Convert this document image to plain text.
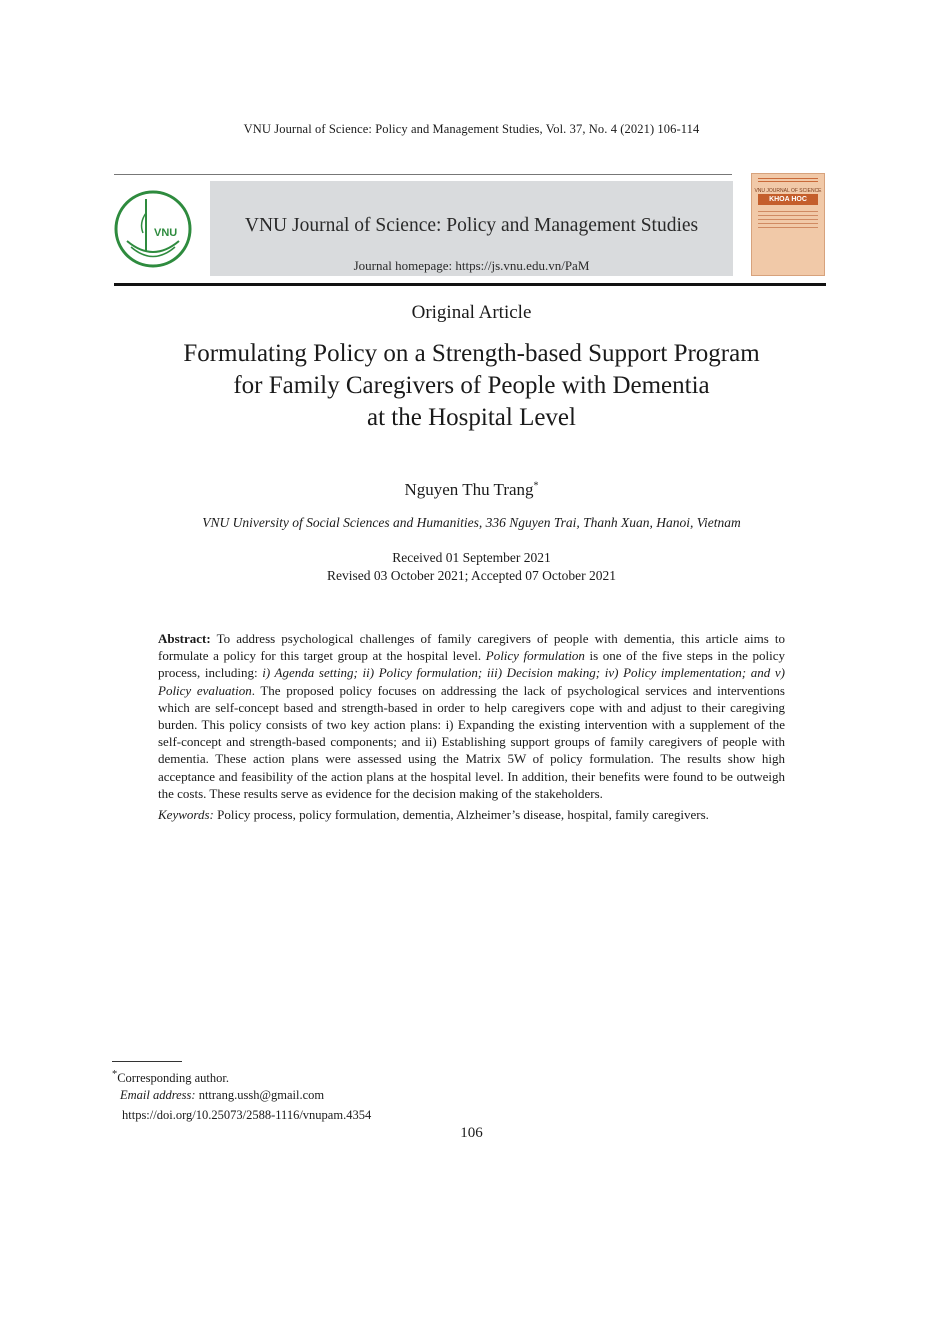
VNU Journal of Science: Policy and Management Studies, Vol. 37, No. 4 (2021) 106-114
VNU	VNU Journal of Science: Policy and Management Studies
Journal homepage: https://js.vnu.edu.vn/PaM
VNU JOURNAL OF SCIENCE
KHOA HOC
Original Article
Formulating Policy on a Strength-based Support Program
for Family Caregivers of People with Dementia
at the Hospital Level
Nguyen Thu Trang*
VNU University of Social Sciences and Humanities, 336 Nguyen Trai, Thanh Xuan, Hanoi, Vietnam
Received 01 September 2021
Revised 03 October 2021; Accepted 07 October 2021

Abstract: To address psychological challenges of family caregivers of people with dementia, this article aims to formulate a policy for this target group at the hospital level. Policy formulation is one of the five steps in the policy process, including: i) Agenda setting; ii) Policy formulation; iii) Decision making; iv) Policy implementation; and v) Policy evaluation. The proposed policy focuses on addressing the lack of psychological services and interventions which are self-concept based and strength-based in order to help caregivers cope with and adjust to their caregiving burden. This policy consists of two key action plans: i) Expanding the existing intervention with a supplement of the self-concept and strength-based components; and ii) Establishing support groups of family caregivers of people with dementia. These action plans were assessed using the Matrix 5W of policy formulation. The results show high acceptance and feasibility of the action plans at the hospital level. In addition, their benefits were found to be outweigh the costs. These results serve as evidence for the decision making of the stakeholders.

Keywords: Policy process, policy formulation, dementia, Alzheimer’s disease, hospital, family caregivers.

*Corresponding author.
Email address: nttrang.ussh@gmail.com
https://doi.org/10.25073/2588-1116/vnupam.4354
106
